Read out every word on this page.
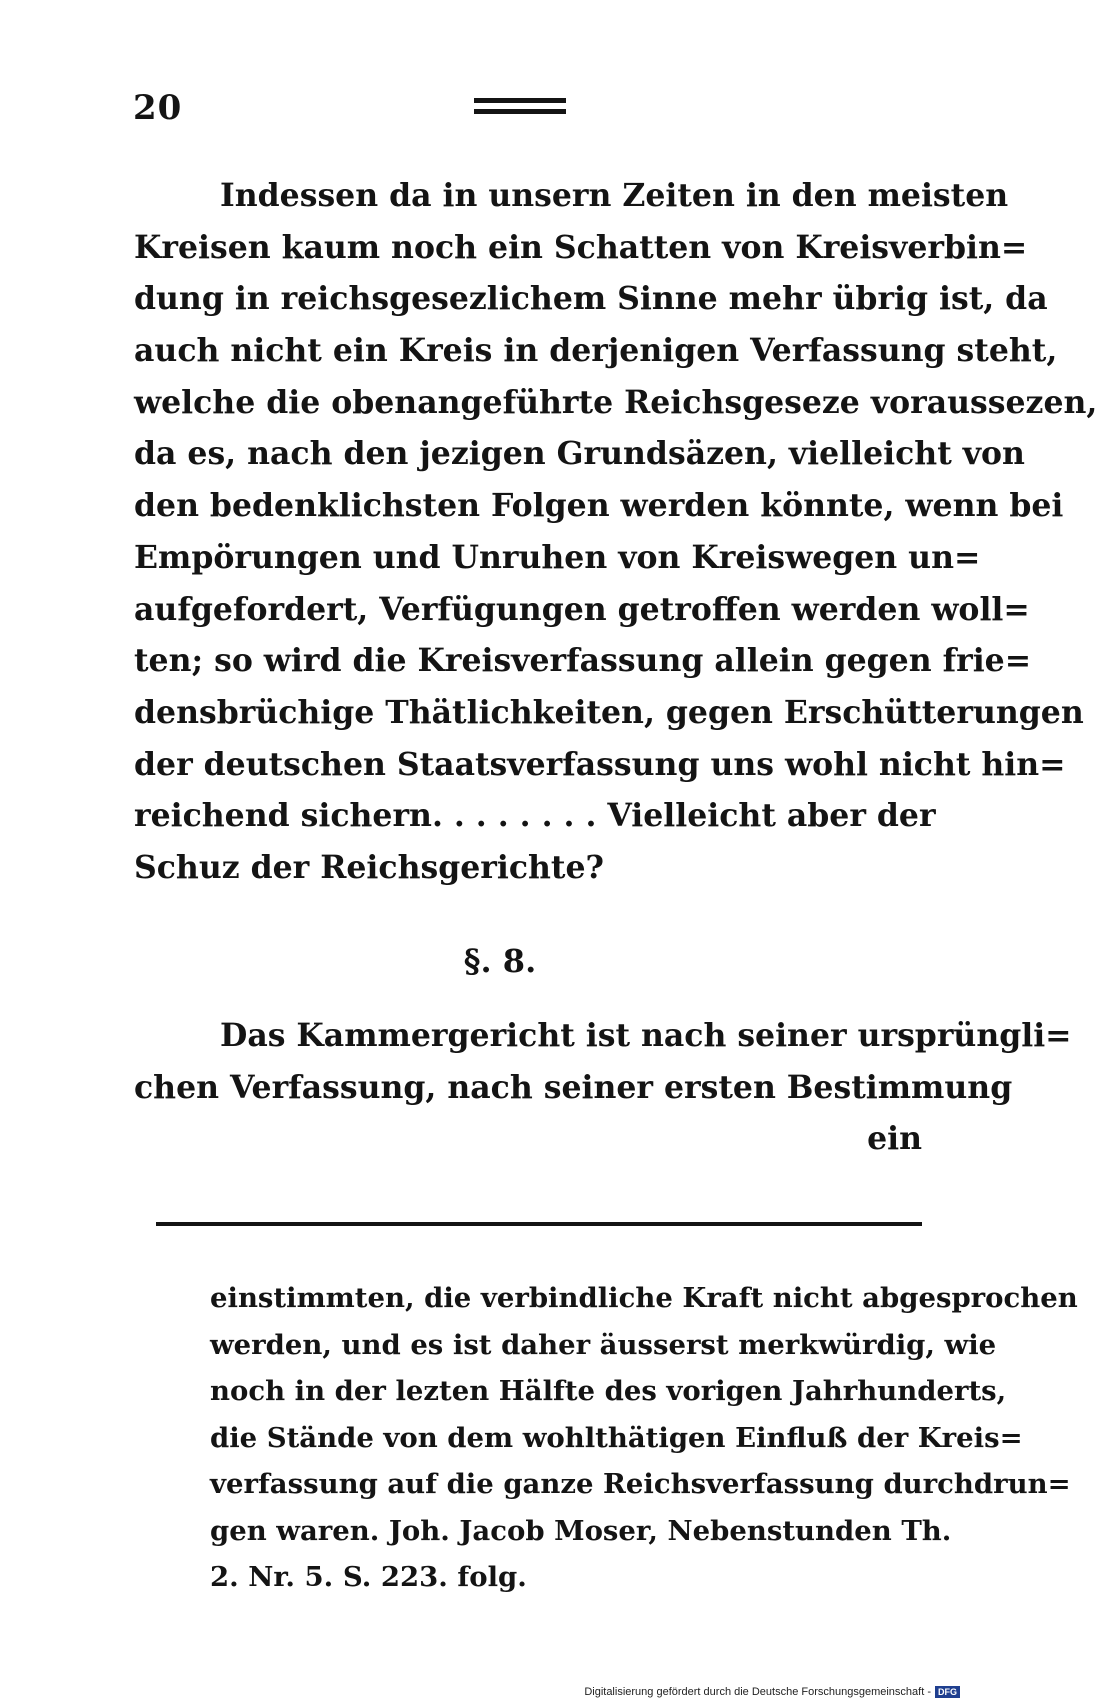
20
Indessen da in unsern Zeiten in den meisten
Kreisen kaum noch ein Schatten von Kreisverbin=
dung in reichsgesezlichem Sinne mehr übrig ist, da
auch nicht ein Kreis in derjenigen Verfassung steht,
welche die obenangeführte Reichsgeseze voraussezen,
da es, nach den jezigen Grundsäzen, vielleicht von
den bedenklichsten Folgen werden könnte, wenn bei
Empörungen und Unruhen von Kreiswegen un=
aufgefordert, Verfügungen getroffen werden woll=
ten; so wird die Kreisverfassung allein gegen frie=
densbrüchige Thätlichkeiten, gegen Erschütterungen
der deutschen Staatsverfassung uns wohl nicht hin=
reichend sichern. . . . . . . . Vielleicht aber der
Schuz der Reichsgerichte?
§. 8.
Das Kammergericht ist nach seiner ursprüngli=
chen Verfassung, nach seiner ersten Bestimmung
ein
einstimmten, die verbindliche Kraft nicht abgesprochen
werden, und es ist daher äusserst merkwürdig, wie
noch in der lezten Hälfte des vorigen Jahrhunderts,
die Stände von dem wohlthätigen Einfluß der Kreis=
verfassung auf die ganze Reichsverfassung durchdrun=
gen waren. Joh. Jacob Moser, Nebenstunden Th.
2. Nr. 5. S. 223. folg.
Digitalisierung gefördert durch die Deutsche Forschungsgemeinschaft - DFG
